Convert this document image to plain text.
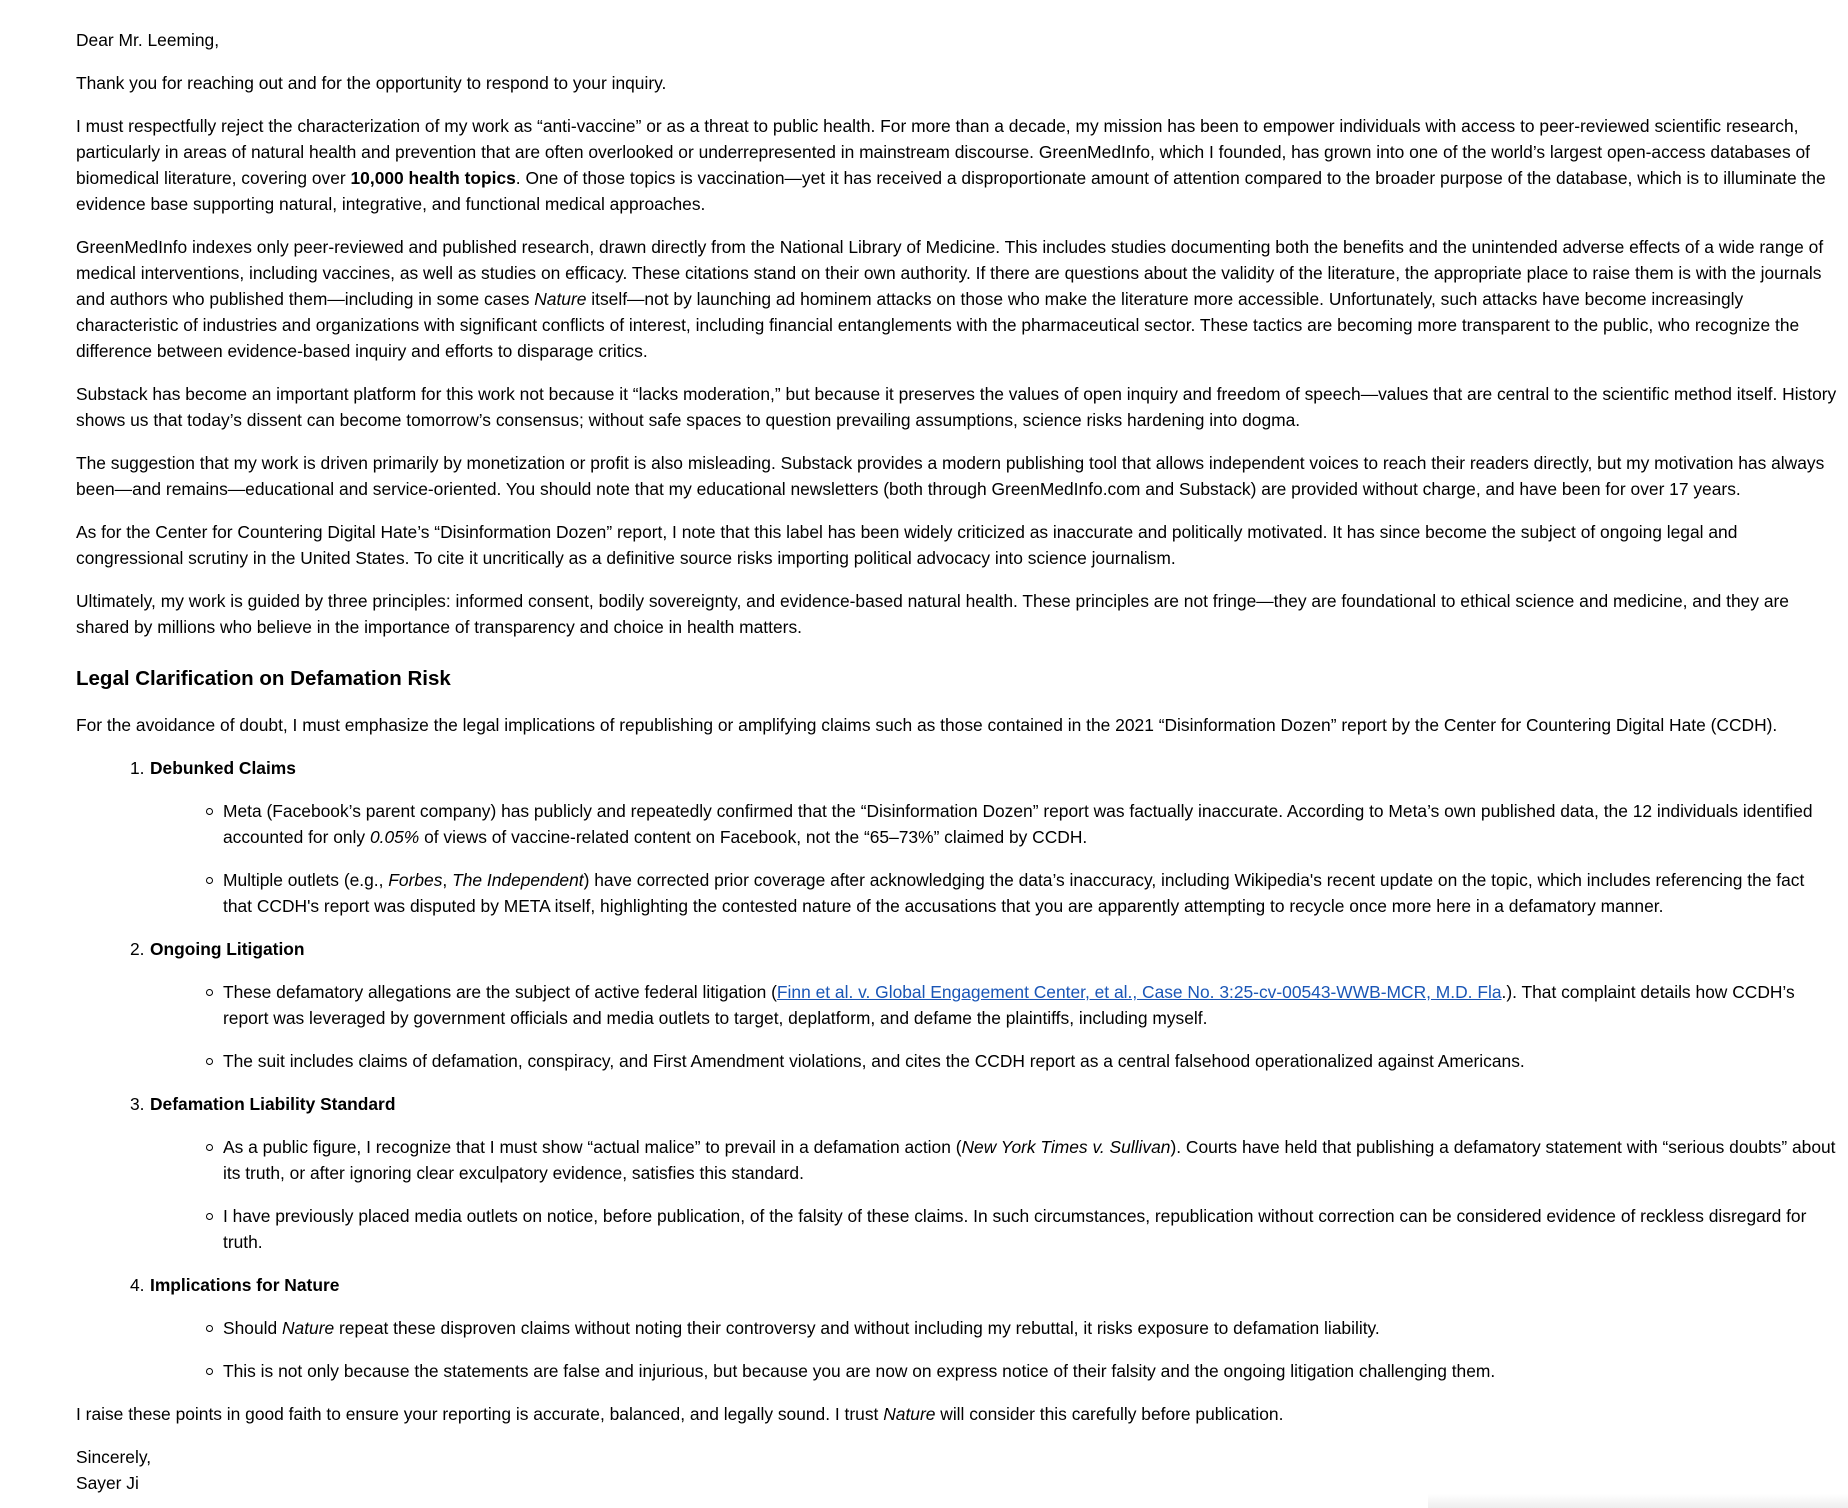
Dear Mr. Leeming,

Thank you for reaching out and for the opportunity to respond to your inquiry.

I must respectfully reject the characterization of my work as “anti-vaccine” or as a threat to public health. For more than a decade, my mission has been to empower individuals with access to peer-reviewed scientific research, particularly in areas of natural health and prevention that are often overlooked or underrepresented in mainstream discourse. GreenMedInfo, which I founded, has grown into one of the world’s largest open-access databases of biomedical literature, covering over 10,000 health topics. One of those topics is vaccination—yet it has received a disproportionate amount of attention compared to the broader purpose of the database, which is to illuminate the evidence base supporting natural, integrative, and functional medical approaches.

GreenMedInfo indexes only peer-reviewed and published research, drawn directly from the National Library of Medicine. This includes studies documenting both the benefits and the unintended adverse effects of a wide range of medical interventions, including vaccines, as well as studies on efficacy. These citations stand on their own authority. If there are questions about the validity of the literature, the appropriate place to raise them is with the journals and authors who published them—including in some cases Nature itself—not by launching ad hominem attacks on those who make the literature more accessible. Unfortunately, such attacks have become increasingly characteristic of industries and organizations with significant conflicts of interest, including financial entanglements with the pharmaceutical sector. These tactics are becoming more transparent to the public, who recognize the difference between evidence-based inquiry and efforts to disparage critics.

Substack has become an important platform for this work not because it “lacks moderation,” but because it preserves the values of open inquiry and freedom of speech—values that are central to the scientific method itself. History shows us that today’s dissent can become tomorrow’s consensus; without safe spaces to question prevailing assumptions, science risks hardening into dogma.

The suggestion that my work is driven primarily by monetization or profit is also misleading. Substack provides a modern publishing tool that allows independent voices to reach their readers directly, but my motivation has always been—and remains—educational and service-oriented. You should note that my educational newsletters (both through GreenMedInfo.com and Substack) are provided without charge, and have been for over 17 years.

As for the Center for Countering Digital Hate’s “Disinformation Dozen” report, I note that this label has been widely criticized as inaccurate and politically motivated. It has since become the subject of ongoing legal and congressional scrutiny in the United States. To cite it uncritically as a definitive source risks importing political advocacy into science journalism.

Ultimately, my work is guided by three principles: informed consent, bodily sovereignty, and evidence-based natural health. These principles are not fringe—they are foundational to ethical science and medicine, and they are shared by millions who believe in the importance of transparency and choice in health matters.

Legal Clarification on Defamation Risk

For the avoidance of doubt, I must emphasize the legal implications of republishing or amplifying claims such as those contained in the 2021 “Disinformation Dozen” report by the Center for Countering Digital Hate (CCDH).

1. Debunked Claims
Meta (Facebook’s parent company) has publicly and repeatedly confirmed that the “Disinformation Dozen” report was factually inaccurate. According to Meta’s own published data, the 12 individuals identified accounted for only 0.05% of views of vaccine-related content on Facebook, not the “65–73%” claimed by CCDH.
Multiple outlets (e.g., Forbes, The Independent) have corrected prior coverage after acknowledging the data’s inaccuracy, including Wikipedia's recent update on the topic, which includes referencing the fact that CCDH's report was disputed by META itself, highlighting the contested nature of the accusations that you are apparently attempting to recycle once more here in a defamatory manner.
2. Ongoing Litigation
These defamatory allegations are the subject of active federal litigation (Finn et al. v. Global Engagement Center, et al., Case No. 3:25-cv-00543-WWB-MCR, M.D. Fla.). That complaint details how CCDH’s report was leveraged by government officials and media outlets to target, deplatform, and defame the plaintiffs, including myself.
The suit includes claims of defamation, conspiracy, and First Amendment violations, and cites the CCDH report as a central falsehood operationalized against Americans.
3. Defamation Liability Standard
As a public figure, I recognize that I must show “actual malice” to prevail in a defamation action (New York Times v. Sullivan). Courts have held that publishing a defamatory statement with “serious doubts” about its truth, or after ignoring clear exculpatory evidence, satisfies this standard.
I have previously placed media outlets on notice, before publication, of the falsity of these claims. In such circumstances, republication without correction can be considered evidence of reckless disregard for truth.
4. Implications for Nature
Should Nature repeat these disproven claims without noting their controversy and without including my rebuttal, it risks exposure to defamation liability.
This is not only because the statements are false and injurious, but because you are now on express notice of their falsity and the ongoing litigation challenging them.

I raise these points in good faith to ensure your reporting is accurate, balanced, and legally sound. I trust Nature will consider this carefully before publication.

Sincerely,

Sayer Ji
